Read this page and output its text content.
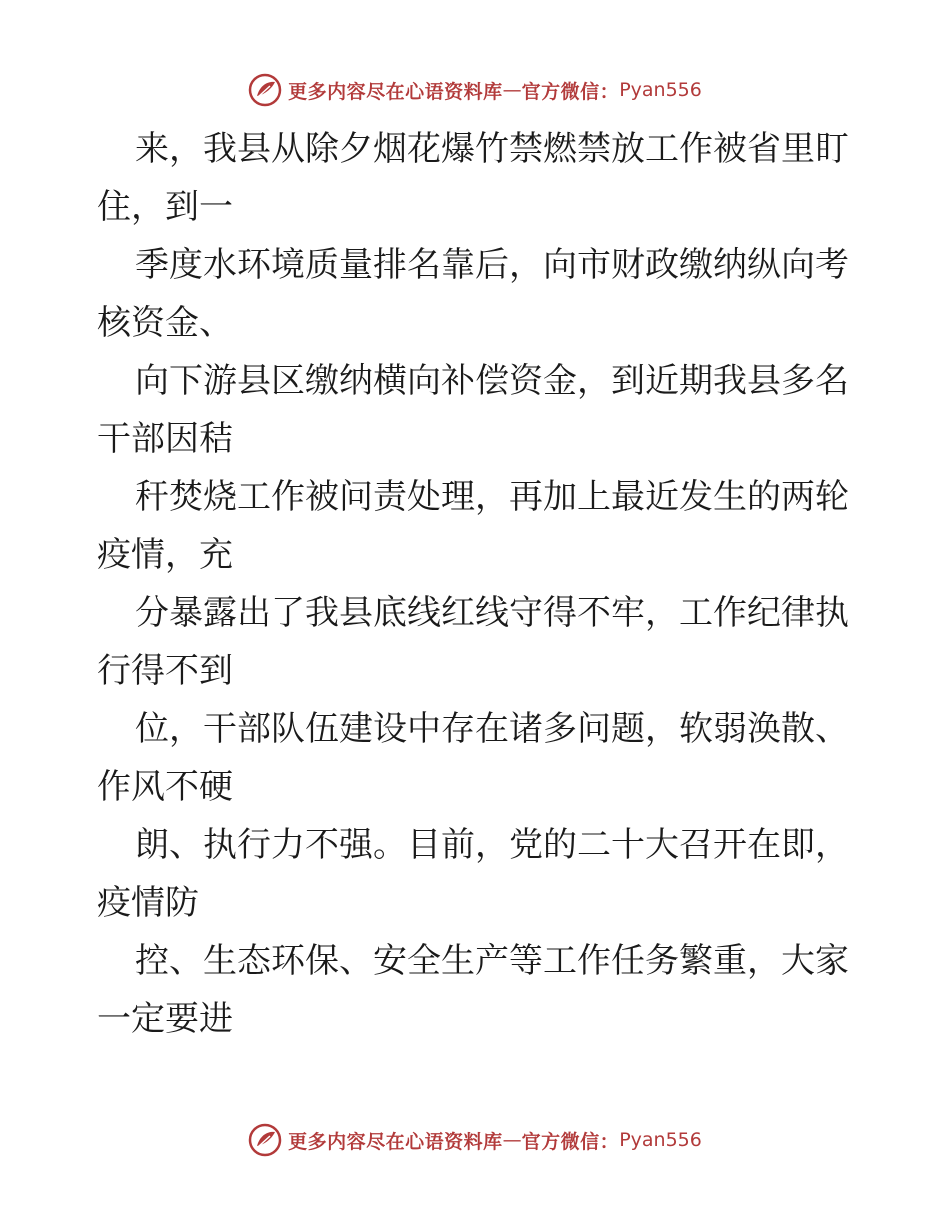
更多内容尽在心语资料库 — 官方微信： Pyan556
来，我县从除夕烟花爆竹禁燃禁放工作被省里盯
住，到一
季度水环境质量排名靠后，向市财政缴纳纵向考
核资金、
向下游县区缴纳横向补偿资金，到近期我县多名
干部因秸
秆焚烧工作被问责处理，再加上最近发生的两轮
疫情，充
分暴露出了我县底线红线守得不牢，工作纪律执
行得不到
位，干部队伍建设中存在诸多问题，软弱涣散、
作风不硬
朗、执行力不强。目前，党的二十大召开在即，
疫情防
控、生态环保、安全生产等工作任务繁重，大家
一定要进
更多内容尽在心语资料库 — 官方微信： Pyan556
